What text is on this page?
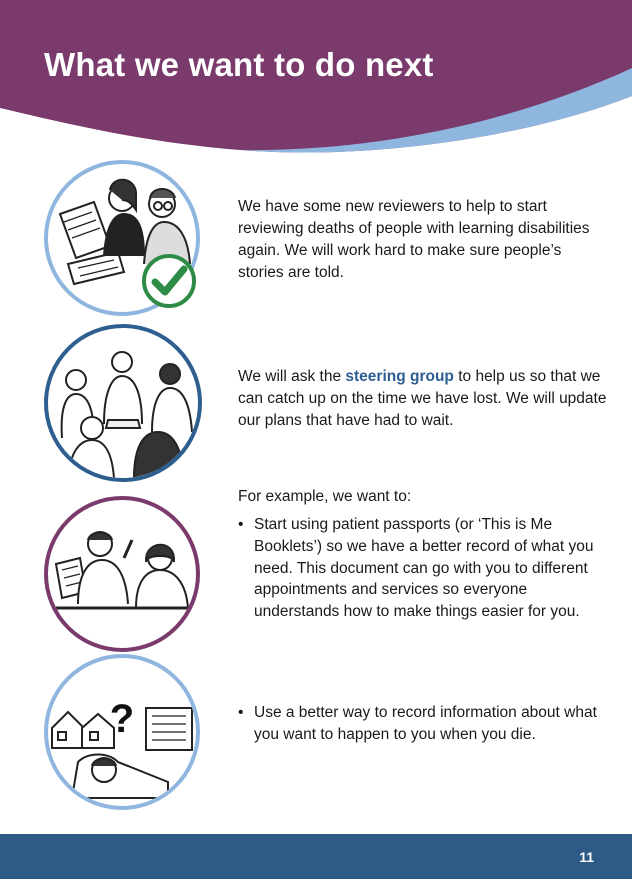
What we want to do next

We have some new reviewers to help to start reviewing deaths of people with learning disabilities again. We will work hard to make sure people’s stories are told.

We will ask the steering group to help us so that we can catch up on the time we have lost. We will update our plans that have had to wait.

For example, we want to:

• Start using patient passports (or ‘This is Me Booklets’) so we have a better record of what you need. This document can go with you to different appointments and services so everyone understands how to make things easier for you.
?	• Use a better way to record information about what you want to happen to you when you die.
11
